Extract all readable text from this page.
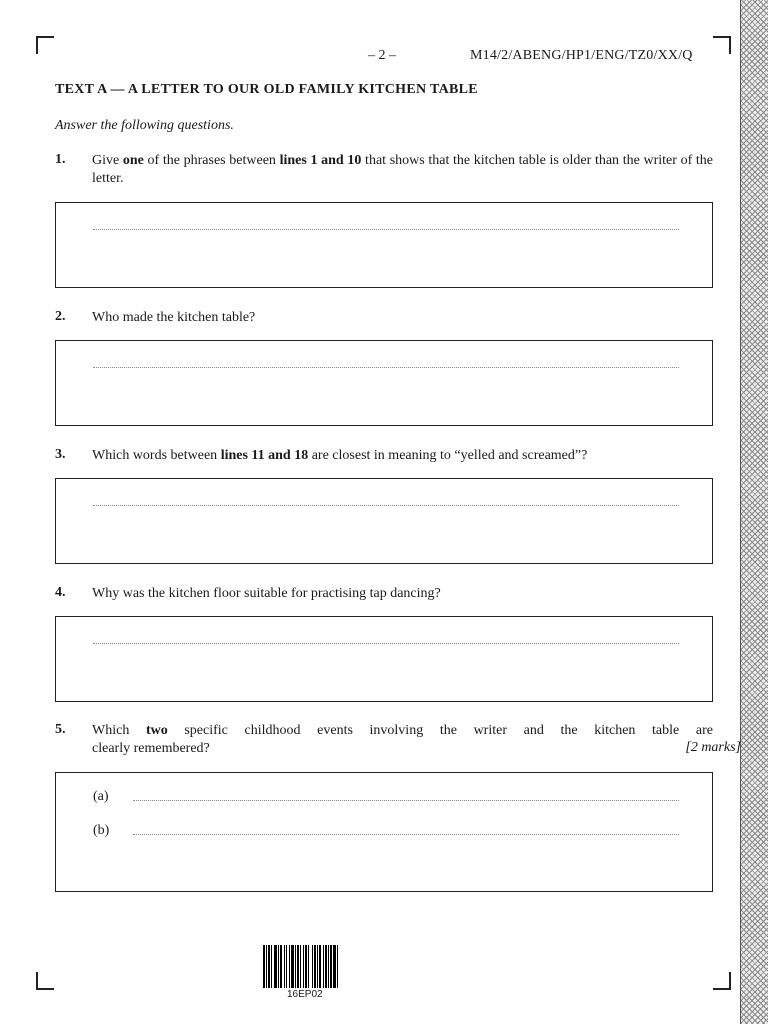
– 2 –	M14/2/ABENG/HP1/ENG/TZ0/XX/Q
TEXT A — A LETTER TO OUR OLD FAMILY KITCHEN TABLE
Answer the following questions.
1. Give one of the phrases between lines 1 and 10 that shows that the kitchen table is older than the writer of the letter.
2. Who made the kitchen table?
3. Which words between lines 11 and 18 are closest in meaning to “yelled and screamed”?
4. Why was the kitchen floor suitable for practising tap dancing?
5. Which two specific childhood events involving the writer and the kitchen table are
clearly remembered?	[2 marks]
(a)
(b)
16EP02
